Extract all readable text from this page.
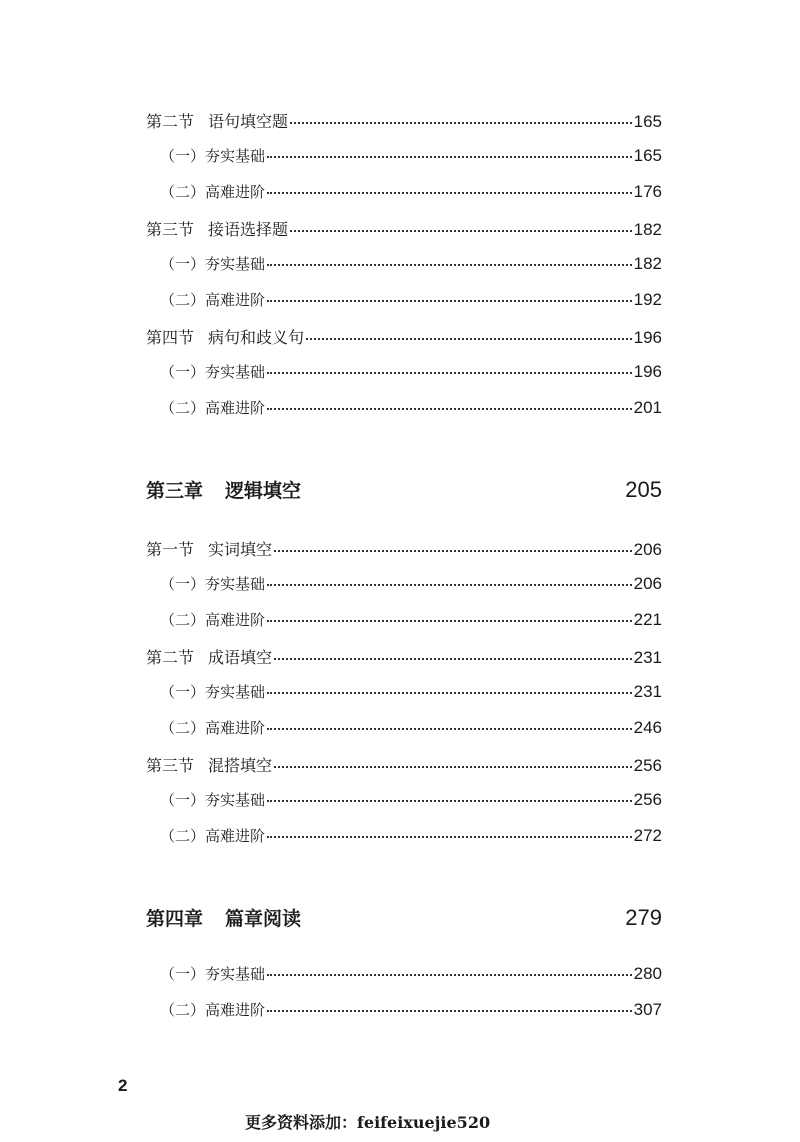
第二节 语句填空题	165
（一）夯实基础	165
（二）高难进阶	176
第三节 接语选择题	182
（一）夯实基础	182
（二）高难进阶	192
第四节 病句和歧义句	196
（一）夯实基础	196
（二）高难进阶	201
第三章 逻辑填空	205
第一节 实词填空	206
（一）夯实基础	206
（二）高难进阶	221
第二节 成语填空	231
（一）夯实基础	231
（二）高难进阶	246
第三节 混搭填空	256
（一）夯实基础	256
（二）高难进阶	272
第四章 篇章阅读	279
（一）夯实基础	280
（二）高难进阶	307
2
更多资料添加：feifeixuejie520
